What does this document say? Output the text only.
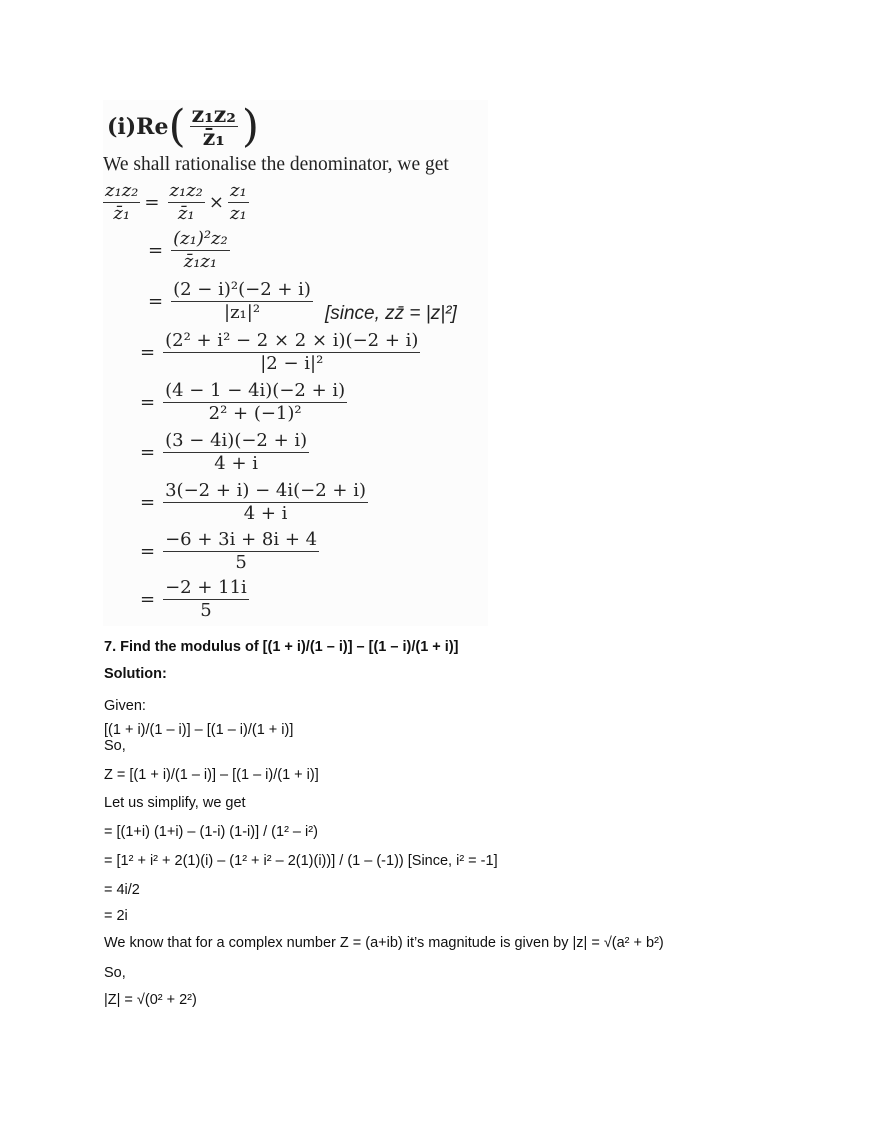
(i)Re ( $\frac{\text{z₁z₂}}{\text{z̄₁}}$ )
We shall rationalise the denominator, we get
$\frac{\text{z₁z₂}}{\text{z̄₁}} = \frac{\text{z₁z₂}}{\text{z̄₁}} \times \frac{\text{z₁}}{\text{z₁}}$
= $\frac{\text{(z₁)²z₂}}{\text{z̄₁z₁}}$
= $\frac{\text{(2 − i)²(−2 + i)}}{\text{|z₁|²}}$ [since, zz̄ = |z|²]
= $\frac{\text{(2² + i² − 2 × 2 × i)(−2 + i)}}{\text{|2 − i|²}}$
= $\frac{(4 - 1 - 4i)(-2 + i)}{\text{2² + (−1)²}}$
= $\frac{(3 - 4i)(-2 + i)}{4 + i}$
= $\frac{3(-2 + i) - 4i(-2 + i)}{4 + i}$
= $\frac{-6 + 3i + 8i + 4}{5}$
= $\frac{-2 + 11i}{5}$
7. Find the modulus of [(1 + i)/(1 – i)] – [(1 – i)/(1 + i)]
Solution:
Given:
[(1 + i)/(1 – i)] – [(1 – i)/(1 + i)]
So,
Z = [(1 + i)/(1 – i)] – [(1 – i)/(1 + i)]
Let us simplify, we get
= [(1+i) (1+i) – (1-i) (1-i)] / (1² – i²)
= [1² + i² + 2(1)(i) – (1² + i² – 2(1)(i))] / (1 – (-1)) [Since, i² = -1]
= 4i/2
= 2i
We know that for a complex number Z = (a+ib) it’s magnitude is given by |z| = √(a² + b²)
So,
|Z| = √(0² + 2²)
